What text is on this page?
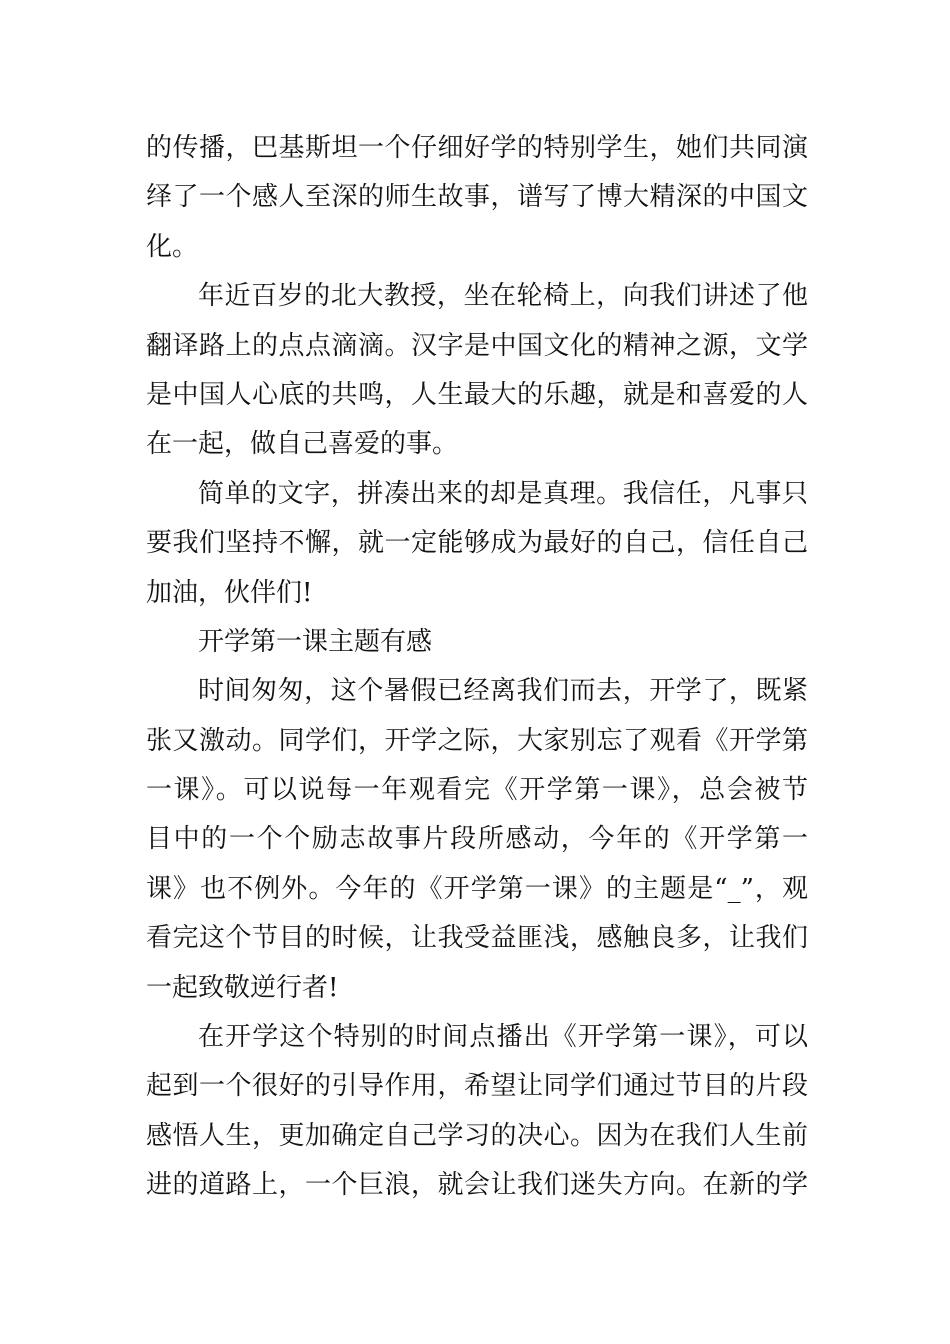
的传播，巴基斯坦一个仔细好学的特别学生，她们共同演
绎了一个感人至深的师生故事，谱写了博大精深的中国文
化。
年近百岁的北大教授，坐在轮椅上，向我们讲述了他
翻译路上的点点滴滴。汉字是中国文化的精神之源，文学
是中国人心底的共鸣，人生最大的乐趣，就是和喜爱的人
在一起，做自己喜爱的事。
简单的文字，拼凑出来的却是真理。我信任，凡事只
要我们坚持不懈，就一定能够成为最好的自己，信任自己
加油，伙伴们!
开学第一课主题有感
时间匆匆，这个暑假已经离我们而去，开学了，既紧
张又激动。同学们，开学之际，大家别忘了观看《开学第
一课》。可以说每一年观看完《开学第一课》，总会被节
目中的一个个励志故事片段所感动，今年的《开学第一
课》也不例外。今年的《开学第一课》的主题是“_”，观
看完这个节目的时候，让我受益匪浅，感触良多，让我们
一起致敬逆行者!
在开学这个特别的时间点播出《开学第一课》，可以
起到一个很好的引导作用，希望让同学们通过节目的片段
感悟人生，更加确定自己学习的决心。因为在我们人生前
进的道路上，一个巨浪，就会让我们迷失方向。在新的学
